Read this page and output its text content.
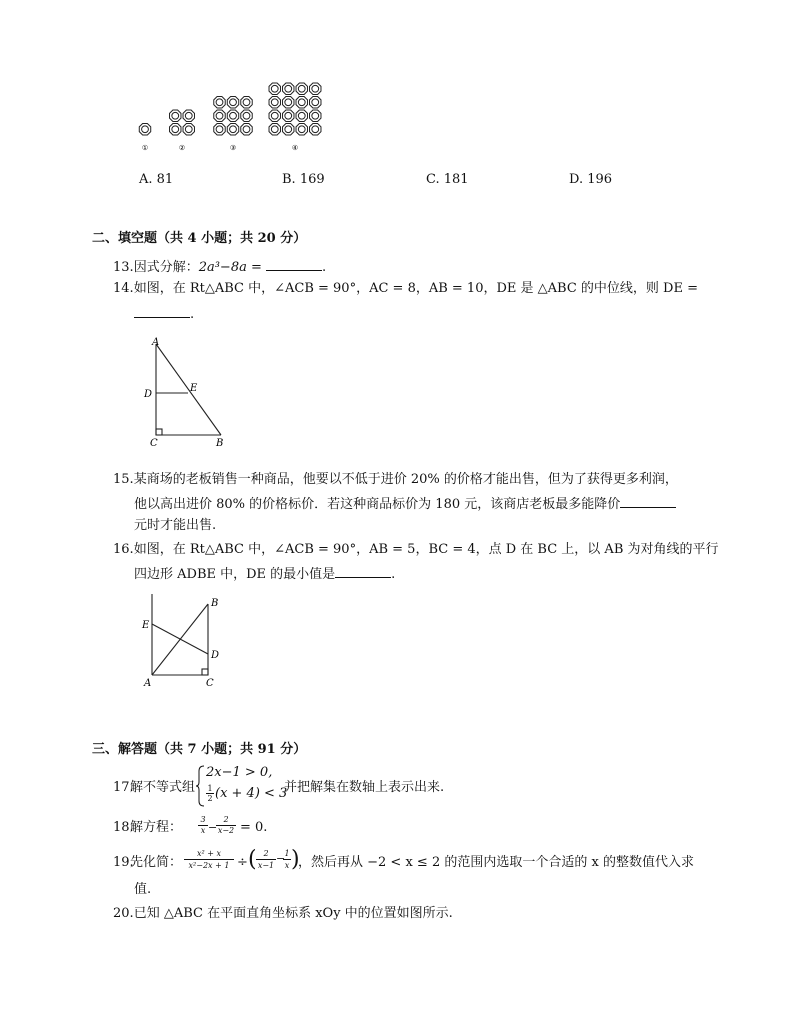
①	②	③	④
A. 81	B. 169	C. 181	D. 196
二、填空题（共 4 小题；共 20 分）
13.因式分解：2a³−8a =	.
14.如图，在 Rt△ABC 中，∠ACB = 90°，AC = 8，AB = 10，DE 是 △ABC 的中位线，则 DE =
.
A
D
E
C	B
15.某商场的老板销售一种商品，他要以不低于进价 20% 的价格才能出售，但为了获得更多利润，
他以高出进价 80% 的价格标价．若这种商品标价为 180 元，该商店老板最多能降价
元时才能出售.
16.如图，在 Rt△ABC 中，∠ACB = 90°，AB = 5，BC = 4，点 D 在 BC 上，以 AB 为对角线的平行
四边形 ADBE 中，DE 的最小值是	.
B
E
D
A	C
三、解答题（共 7 小题；共 91 分）
17.
解不等式组
2x−1 > 0,
$\frac{1}{2} (x + 4) < 3$
并把解集在数轴上表示出来.
18.
解方程： $\frac{3}{x}$ −
$\frac{2}{x-2} = 0$.
19.
先化简： $\frac{\text{x² + x}}{\text{x²−2x + 1}}$ ÷ ( $\frac{2}{x-1}$ −
$\frac{1}{x}$ )
，然后再从 −2 < x ≤ 2 的范围内选取一个合适的 x 的整数值代入求
值.
20.已知 △ABC 在平面直角坐标系 xOy 中的位置如图所示.
